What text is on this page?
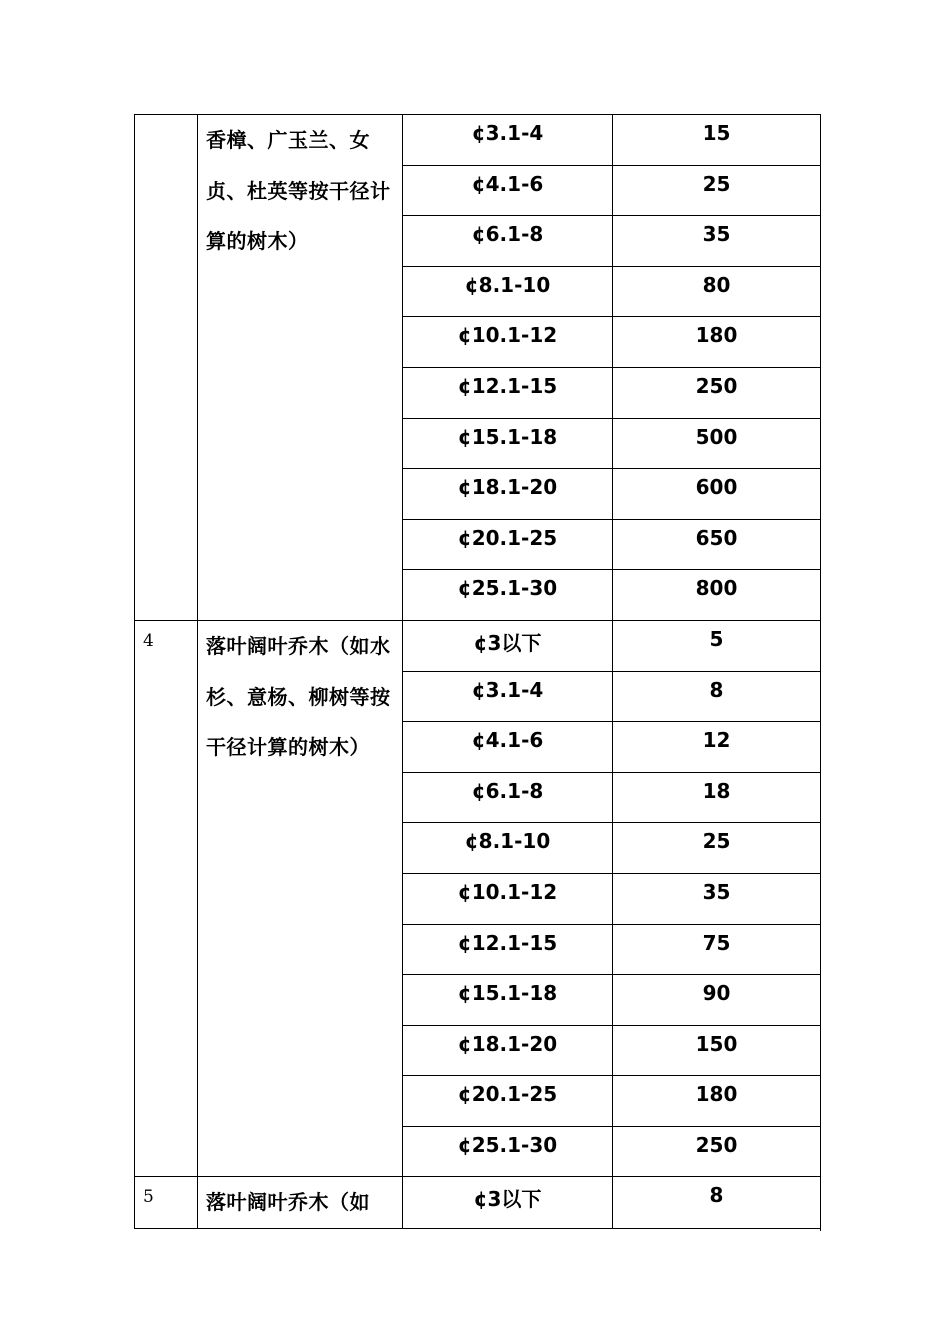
	香樟、广玉兰、女贞、杜英等按干径计算的树木）	¢3.1-4	15
		¢4.1-6	25
		¢6.1-8	35
		¢8.1-10	80
		¢10.1-12	180
		¢12.1-15	250
		¢15.1-18	500
		¢18.1-20	600
		¢20.1-25	650
		¢25.1-30	800
4	落叶阔叶乔木（如水杉、意杨、柳树等按干径计算的树木）	¢3以下	5
		¢3.1-4	8
		¢4.1-6	12
		¢6.1-8	18
		¢8.1-10	25
		¢10.1-12	35
		¢12.1-15	75
		¢15.1-18	90
		¢18.1-20	150
		¢20.1-25	180
		¢25.1-30	250
5	落叶阔叶乔木（如	¢3以下	8
